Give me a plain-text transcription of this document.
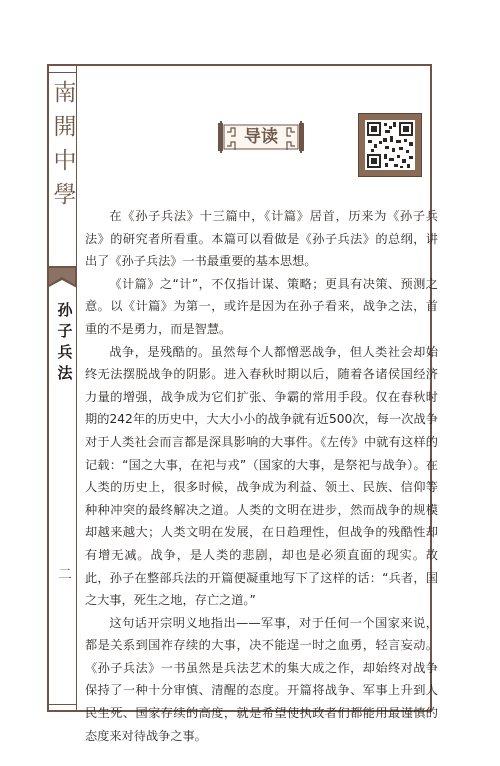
南
開
中
學
孙
子
兵
法
二
导读

在《孙子兵法》十三篇中，《计篇》居首，历来为《孙子兵法》的研究者所看重。本篇可以看做是《孙子兵法》的总纲，讲出了《孙子兵法》一书最重要的基本思想。

《计篇》之“计”，不仅指计谋、策略；更具有决策、预测之意。以《计篇》为第一，或许是因为在孙子看来，战争之法，首重的不是勇力，而是智慧。

战争，是残酷的。虽然每个人都憎恶战争，但人类社会却始终无法摆脱战争的阴影。进入春秋时期以后，随着各诸侯国经济力量的增强，战争成为它们扩张、争霸的常用手段。仅在春秋时期的242年的历史中，大大小小的战争就有近500次，每一次战争对于人类社会而言都是深具影响的大事件。《左传》中就有这样的记载：“国之大事，在祀与戎”（国家的大事，是祭祀与战争）。在人类的历史上，很多时候，战争成为利益、领土、民族、信仰等种种冲突的最终解决之道。人类的文明在进步，然而战争的规模却越来越大；人类文明在发展，在日趋理性，但战争的残酷性却有增无减。战争，是人类的悲剧，却也是必须直面的现实。故此，孙子在整部兵法的开篇便凝重地写下了这样的话：“兵者，国之大事，死生之地，存亡之道。”

这句话开宗明义地指出——军事，对于任何一个国家来说，都是关系到国祚存续的大事，决不能逞一时之血勇，轻言妄动。《孙子兵法》一书虽然是兵法艺术的集大成之作，却始终对战争保持了一种十分审慎、清醒的态度。开篇将战争、军事上升到人民生死、国家存续的高度，就是希望使执政者们都能用最谨慎的态度来对待战争之事。
